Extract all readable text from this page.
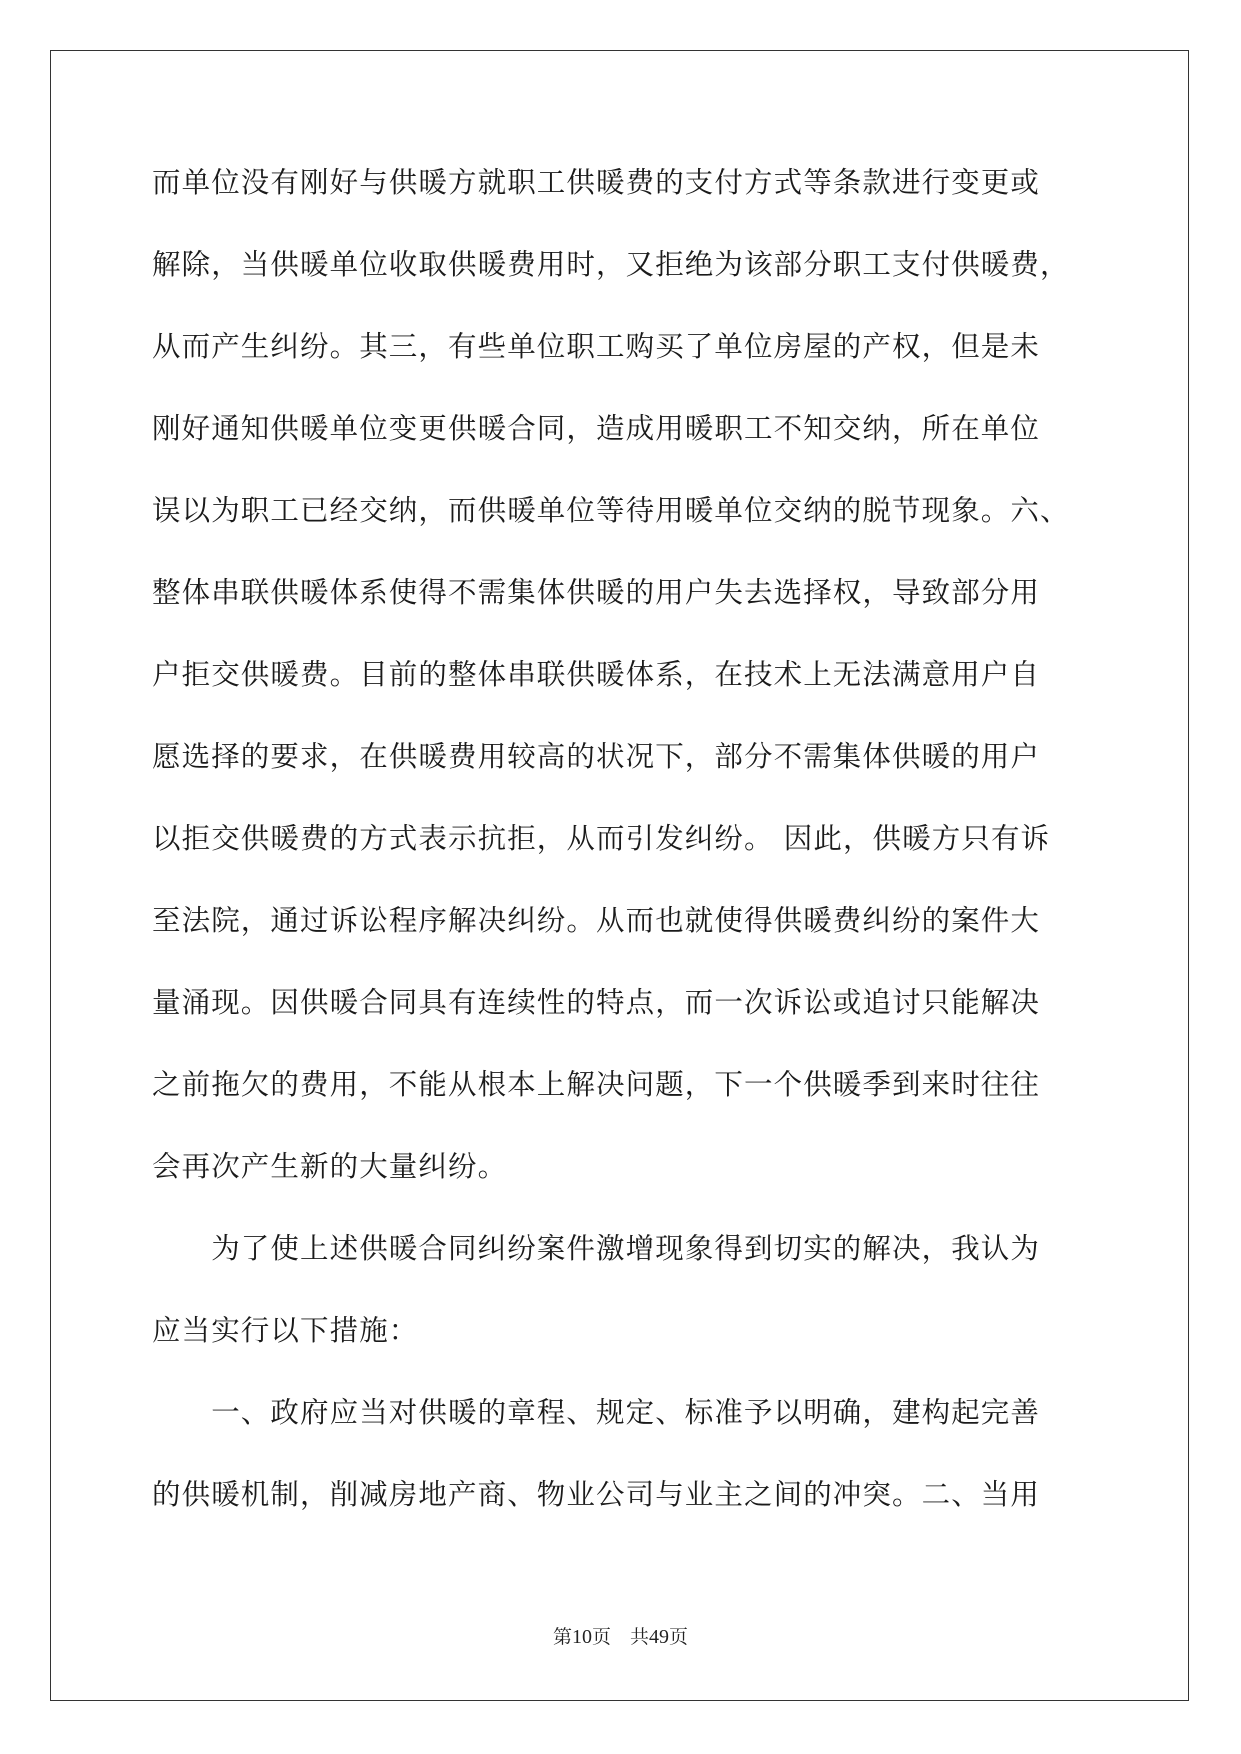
而单位没有刚好与供暖方就职工供暖费的支付方式等条款进行变更或
解除，当供暖单位收取供暖费用时，又拒绝为该部分职工支付供暖费，
从而产生纠纷。其三，有些单位职工购买了单位房屋的产权，但是未
刚好通知供暖单位变更供暖合同，造成用暖职工不知交纳，所在单位
误以为职工已经交纳，而供暖单位等待用暖单位交纳的脱节现象。六、
整体串联供暖体系使得不需集体供暖的用户失去选择权，导致部分用
户拒交供暖费。目前的整体串联供暖体系，在技术上无法满意用户自
愿选择的要求，在供暖费用较高的状况下，部分不需集体供暖的用户
以拒交供暖费的方式表示抗拒，从而引发纠纷。 因此，供暖方只有诉
至法院，通过诉讼程序解决纠纷。从而也就使得供暖费纠纷的案件大
量涌现。因供暖合同具有连续性的特点，而一次诉讼或追讨只能解决
之前拖欠的费用，不能从根本上解决问题，下一个供暖季到来时往往
会再次产生新的大量纠纷。
　　为了使上述供暖合同纠纷案件激增现象得到切实的解决，我认为
应当实行以下措施：
　　一、政府应当对供暖的章程、规定、标准予以明确，建构起完善
的供暖机制，削减房地产商、物业公司与业主之间的冲突。二、当用
第10页　共49页
